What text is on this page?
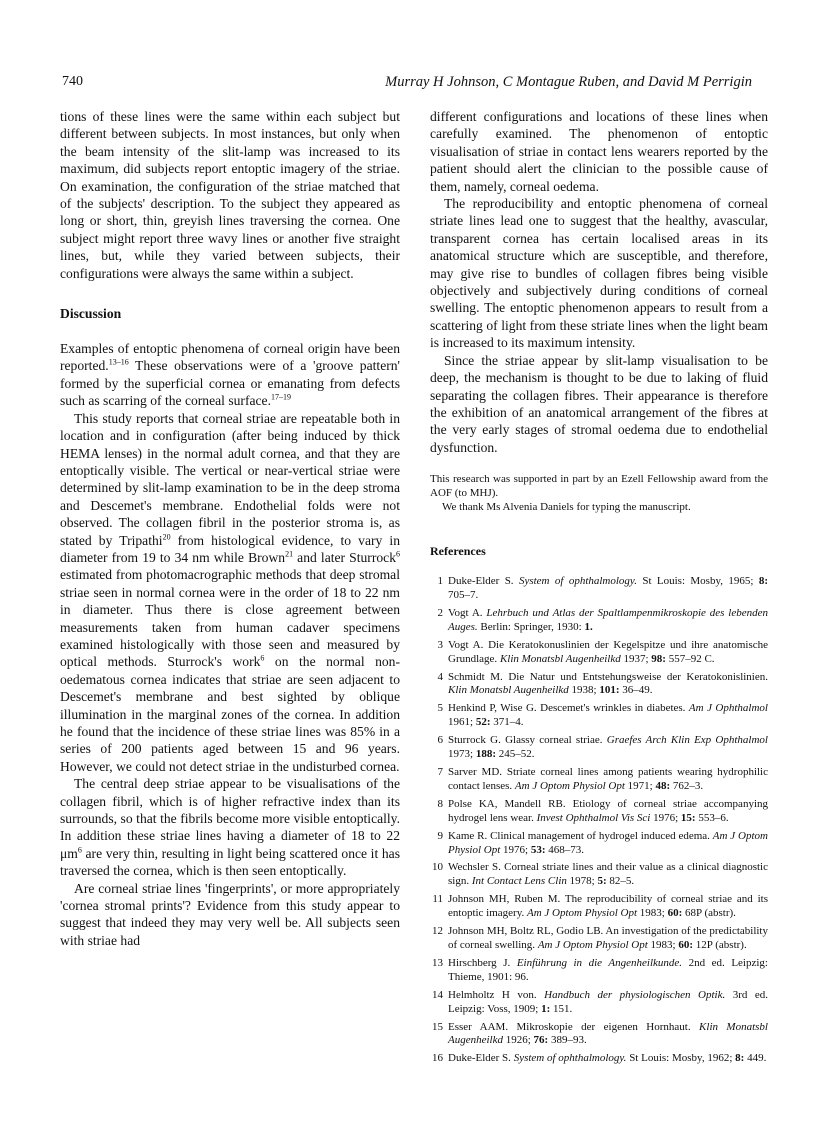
740	Murray H Johnson, C Montague Ruben, and David M Perrigin

tions of these lines were the same within each subject but different between subjects. In most instances, but only when the beam intensity of the slit-lamp was increased to its maximum, did subjects report entoptic imagery of the striae. On examination, the configuration of the striae matched that of the subjects' description. To the subject they appeared as long or short, thin, greyish lines traversing the cornea. One subject might report three wavy lines or another five straight lines, but, while they varied between subjects, their configurations were always the same within a subject.

Discussion

Examples of entoptic phenomena of corneal origin have been reported.$^{13-16}$ These observations were of a 'groove pattern' formed by the superficial cornea or emanating from defects such as scarring of the corneal surface.$^{17-19}$

This study reports that corneal striae are repeatable both in location and in configuration (after being induced by thick HEMA lenses) in the normal adult cornea, and that they are entoptically visible. The vertical or near-vertical striae were determined by slit-lamp examination to be in the deep stroma and Descemet's membrane. Endothelial folds were not observed. The collagen fibril in the posterior stroma is, as stated by Tripathi$^{20}$ from histological evidence, to vary in diameter from 19 to 34 nm while Brown$^{21}$ and later Sturrock$^6$ estimated from photomacrographic methods that deep stromal striae seen in normal cornea were in the order of 18 to 22 nm in diameter. Thus there is close agreement between measurements taken from human cadaver specimens examined histologically with those seen and measured by optical methods. Sturrock's work$^6$ on the normal non-oedematous cornea indicates that striae are seen adjacent to Descemet's membrane and best sighted by oblique illumination in the marginal zones of the cornea. In addition he found that the incidence of these striae lines was 85% in a series of 200 patients aged between 15 and 96 years. However, we could not detect striae in the undisturbed cornea.

The central deep striae appear to be visualisations of the collagen fibril, which is of higher refractive index than its surrounds, so that the fibrils become more visible entoptically. In addition these striae lines having a diameter of 18 to 22 $\mu m^6$ are very thin, resulting in light being scattered once it has traversed the cornea, which is then seen entoptically.

Are corneal striae lines 'fingerprints', or more appropriately 'cornea stromal prints'? Evidence from this study appear to suggest that indeed they may very well be. All subjects seen with striae had

different configurations and locations of these lines when carefully examined. The phenomenon of entoptic visualisation of striae in contact lens wearers reported by the patient should alert the clinician to the possible cause of them, namely, corneal oedema.

The reproducibility and entoptic phenomena of corneal striate lines lead one to suggest that the healthy, avascular, transparent cornea has certain localised areas in its anatomical structure which are susceptible, and therefore, may give rise to bundles of collagen fibres being visible objectively and subjectively during conditions of corneal swelling. The entoptic phenomenon appears to result from a scattering of light from these striate lines when the light beam is increased to its maximum intensity.

Since the striae appear by slit-lamp visualisation to be deep, the mechanism is thought to be due to laking of fluid separating the collagen fibres. Their appearance is therefore the exhibition of an anatomical arrangement of the fibres at the very early stages of stromal oedema due to endothelial dysfunction.

This research was supported in part by an Ezell Fellowship award from the AOF (to MHJ).

We thank Ms Alvenia Daniels for typing the manuscript.

References
1 Duke-Elder S. System of ophthalmology. St Louis: Mosby, 1965; 8: 705–7.
2 Vogt A. Lehrbuch und Atlas der Spaltlampenmikroskopie des lebenden Auges. Berlin: Springer, 1930: 1.
3 Vogt A. Die Keratokonuslinien der Kegelspitze und ihre anatomische Grundlage. Klin Monatsbl Augenheilkd 1937; 98: 557–92 C.
4 Schmidt M. Die Natur und Entstehungsweise der Keratokonislinien. Klin Monatsbl Augenheilkd 1938; 101: 36–49.
5 Henkind P, Wise G. Descemet's wrinkles in diabetes. Am J Ophthalmol 1961; 52: 371–4.
6 Sturrock G. Glassy corneal striae. Graefes Arch Klin Exp Ophthalmol 1973; 188: 245–52.
7 Sarver MD. Striate corneal lines among patients wearing hydrophilic contact lenses. Am J Optom Physiol Opt 1971; 48: 762–3.
8 Polse KA, Mandell RB. Etiology of corneal striae accompanying hydrogel lens wear. Invest Ophthalmol Vis Sci 1976; 15: 553–6.
9 Kame R. Clinical management of hydrogel induced edema. Am J Optom Physiol Opt 1976; 53: 468–73.
10 Wechsler S. Corneal striate lines and their value as a clinical diagnostic sign. Int Contact Lens Clin 1978; 5: 82–5.
11 Johnson MH, Ruben M. The reproducibility of corneal striae and its entoptic imagery. Am J Optom Physiol Opt 1983; 60: 68P (abstr).
12 Johnson MH, Boltz RL, Godio LB. An investigation of the predictability of corneal swelling. Am J Optom Physiol Opt 1983; 60: 12P (abstr).
13 Hirschberg J. Einführung in die Angenheilkunde. 2nd ed. Leipzig: Thieme, 1901: 96.
14 Helmholtz H von. Handbuch der physiologischen Optik. 3rd ed. Leipzig: Voss, 1909; 1: 151.
15 Esser AAM. Mikroskopie der eigenen Hornhaut. Klin Monatsbl Augenheilkd 1926; 76: 389–93.
16 Duke-Elder S. System of ophthalmology. St Louis: Mosby, 1962; 8: 449.
